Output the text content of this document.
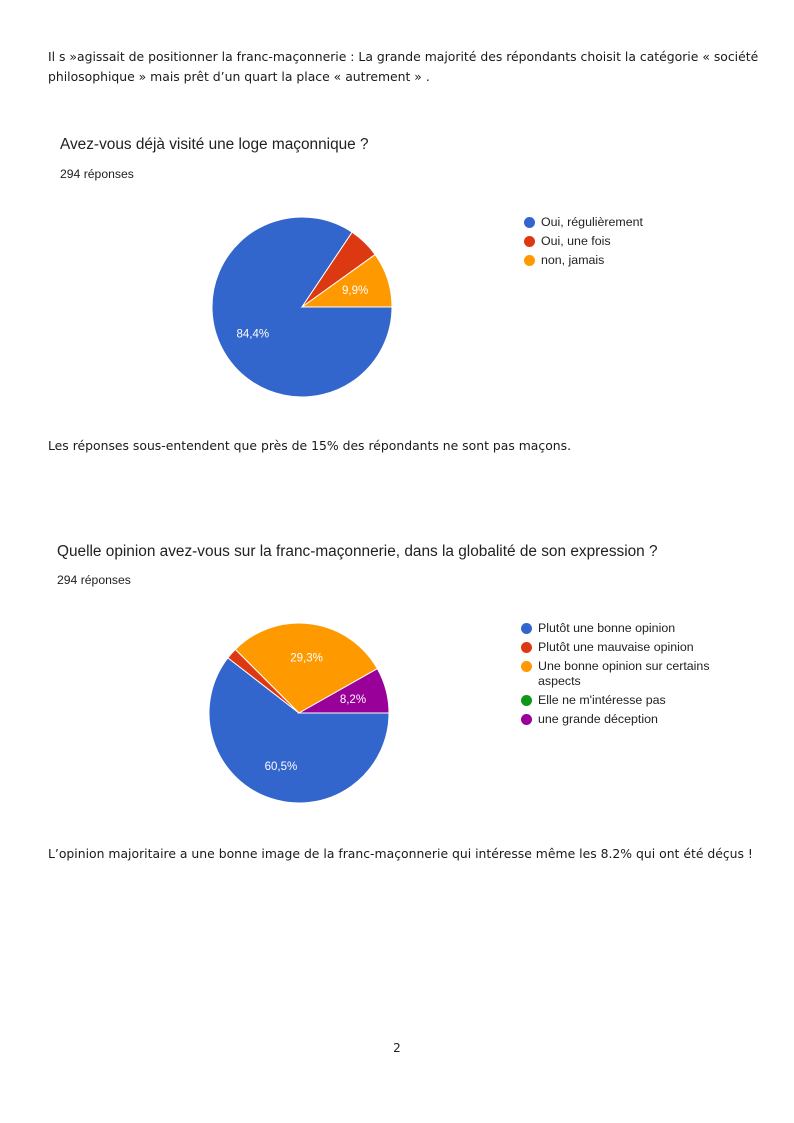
Il s »agissait de positionner la franc-maçonnerie : La grande majorité des répondants choisit la catégorie « société

philosophique » mais prêt d’un quart la place « autrement » .

Avez-vous déjà visité une loge maçonnique ?

294 réponses

84,4%
9,9%
Oui, régulièrement
Oui, une fois
non, jamais

Les réponses sous-entendent que près de 15% des répondants ne sont pas maçons.

Quelle opinion avez-vous sur la franc-maçonnerie, dans la globalité de son expression ?

294 réponses

60,5%
29,3%
8,2%
Plutôt une bonne opinion
Plutôt une mauvaise opinion
Une bonne opinion sur certains aspects
Elle ne m'intéresse pas
une grande déception

L’opinion majoritaire a une bonne image de la franc-maçonnerie qui intéresse même les 8.2% qui ont été déçus !

2
